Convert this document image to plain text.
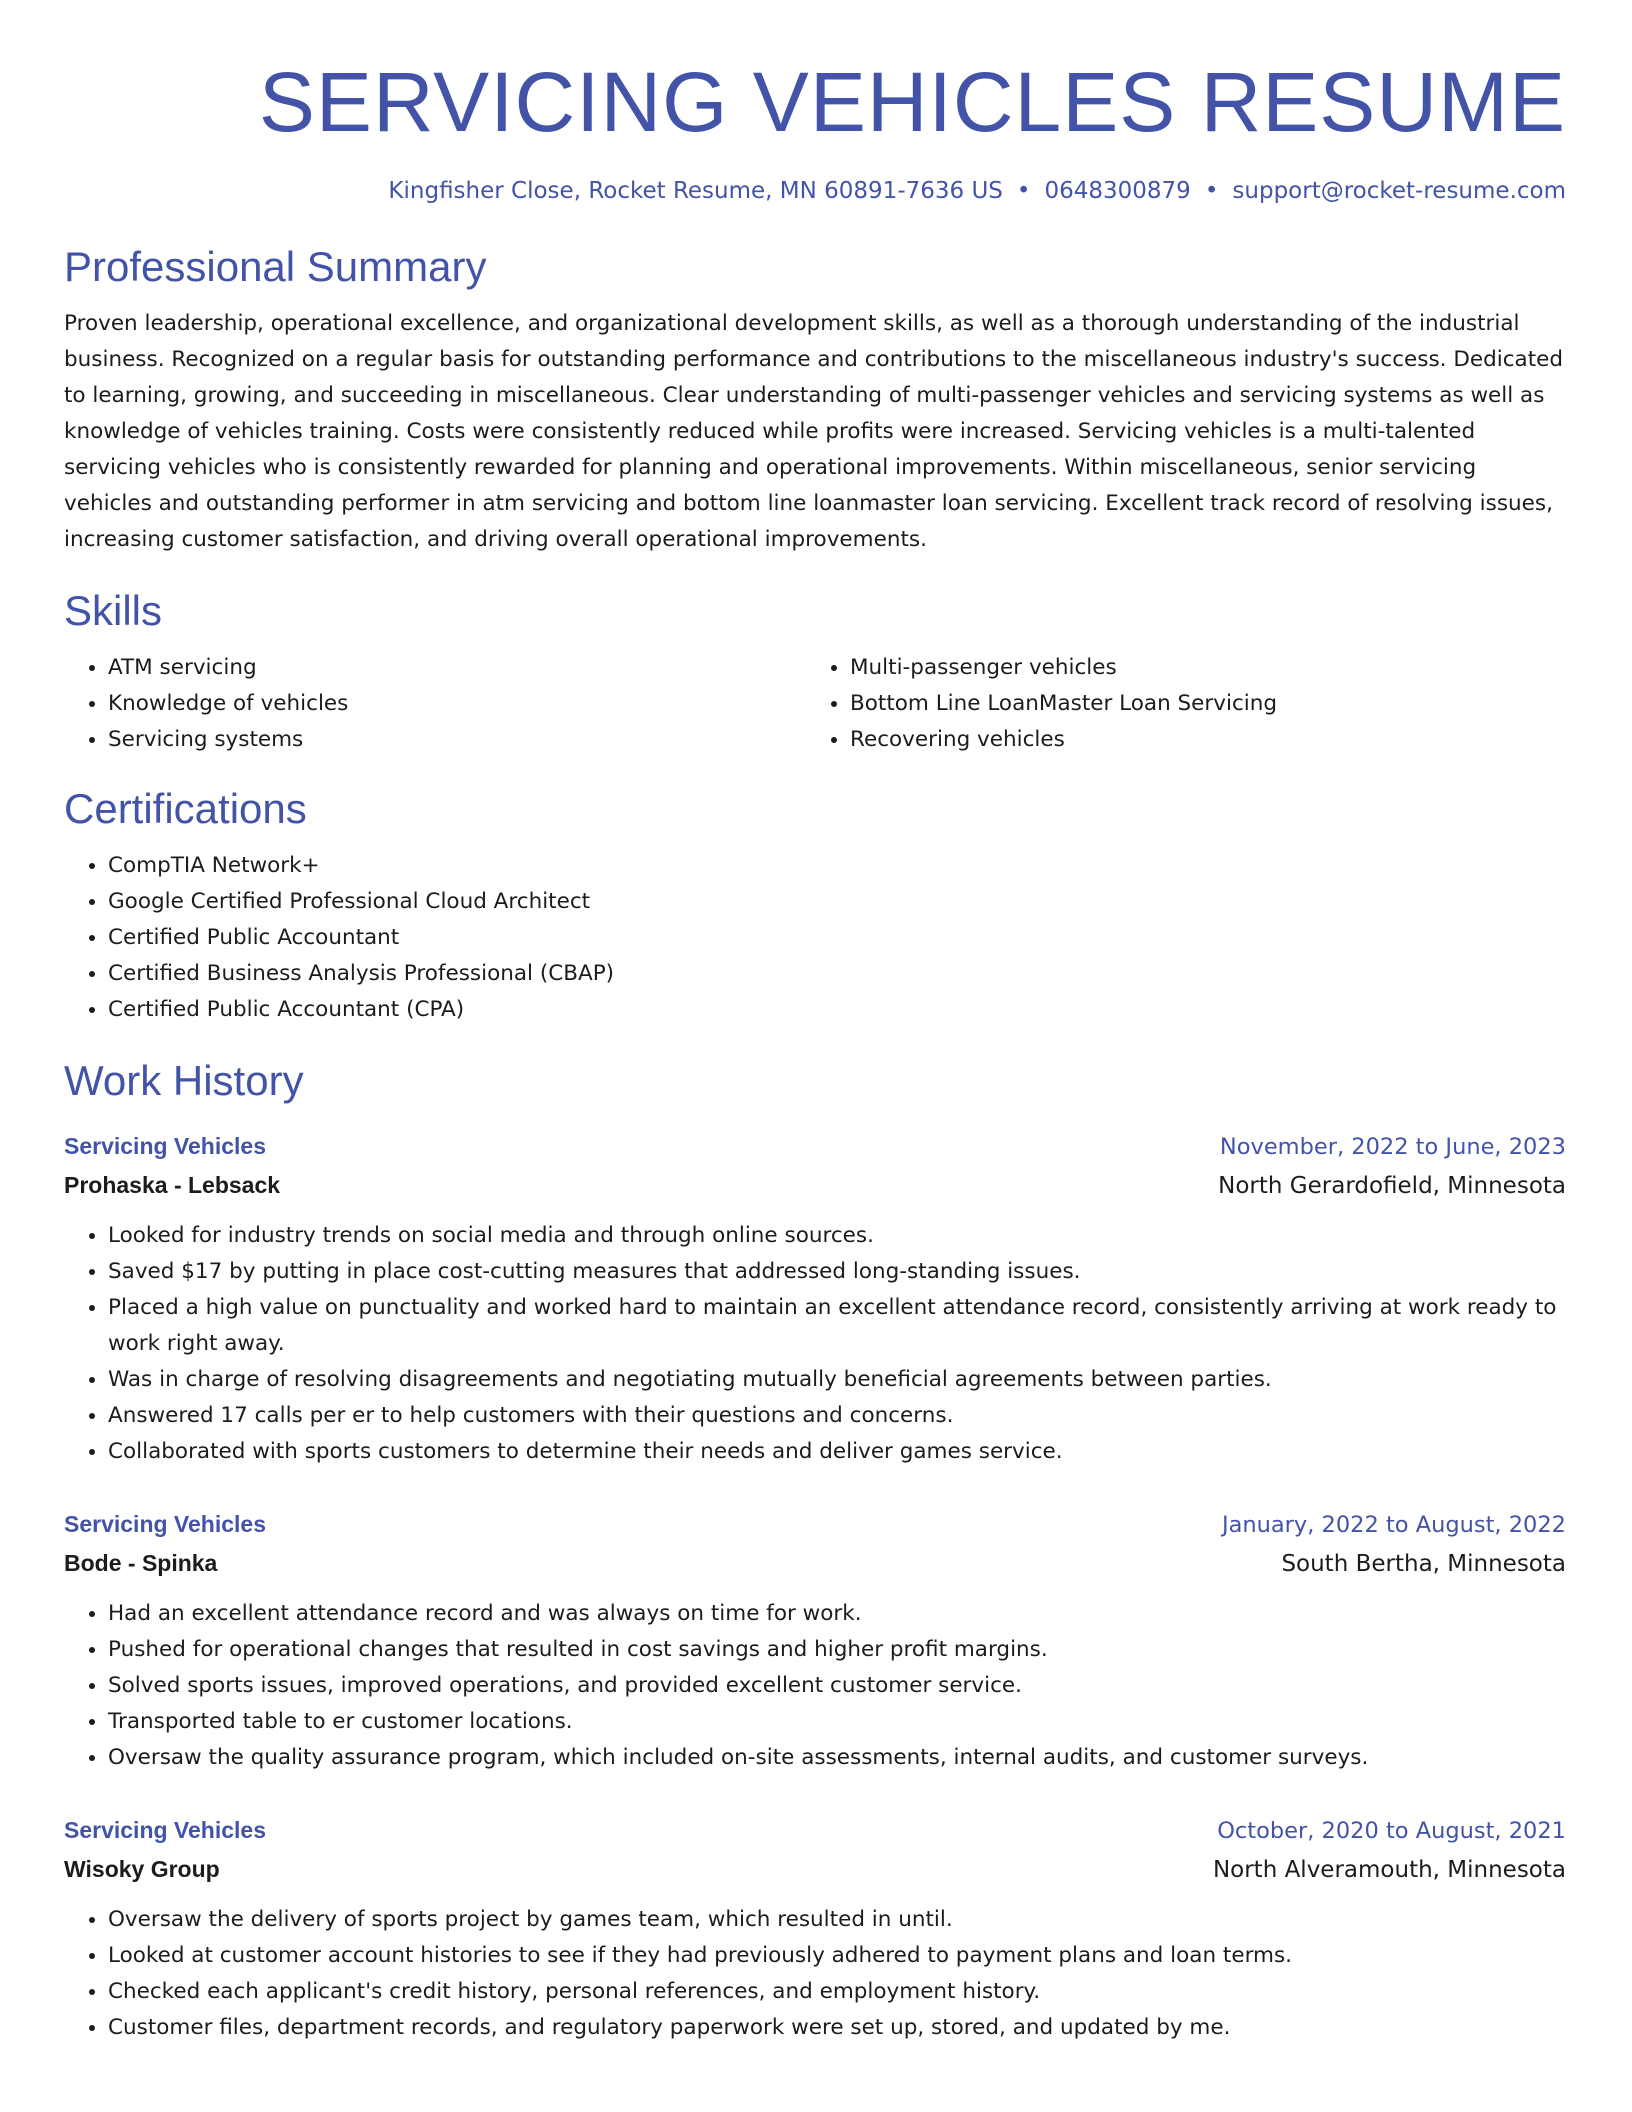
SERVICING VEHICLES RESUME
Kingfisher Close, Rocket Resume, MN 60891-7636 US • 0648300879 • support@rocket-resume.com
Professional Summary
Proven leadership, operational excellence, and organizational development skills, as well as a thorough understanding of the industrial business. Recognized on a regular basis for outstanding performance and contributions to the miscellaneous industry's success. Dedicated to learning, growing, and succeeding in miscellaneous. Clear understanding of multi-passenger vehicles and servicing systems as well as knowledge of vehicles training. Costs were consistently reduced while profits were increased. Servicing vehicles is a multi-talented servicing vehicles who is consistently rewarded for planning and operational improvements. Within miscellaneous, senior servicing vehicles and outstanding performer in atm servicing and bottom line loanmaster loan servicing. Excellent track record of resolving issues, increasing customer satisfaction, and driving overall operational improvements.
Skills
• ATM servicing
• Knowledge of vehicles
• Servicing systems
• Multi-passenger vehicles
• Bottom Line LoanMaster Loan Servicing
• Recovering vehicles
Certifications
• CompTIA Network+
• Google Certified Professional Cloud Architect
• Certified Public Accountant
• Certified Business Analysis Professional (CBAP)
• Certified Public Accountant (CPA)
Work History
Servicing Vehicles	November, 2022 to June, 2023
Prohaska - Lebsack	North Gerardofield, Minnesota
• Looked for industry trends on social media and through online sources.
• Saved $17 by putting in place cost-cutting measures that addressed long-standing issues.
• Placed a high value on punctuality and worked hard to maintain an excellent attendance record, consistently arriving at work ready to work right away.
• Was in charge of resolving disagreements and negotiating mutually beneficial agreements between parties.
• Answered 17 calls per er to help customers with their questions and concerns.
• Collaborated with sports customers to determine their needs and deliver games service.
Servicing Vehicles	January, 2022 to August, 2022
Bode - Spinka	South Bertha, Minnesota
• Had an excellent attendance record and was always on time for work.
• Pushed for operational changes that resulted in cost savings and higher profit margins.
• Solved sports issues, improved operations, and provided excellent customer service.
• Transported table to er customer locations.
• Oversaw the quality assurance program, which included on-site assessments, internal audits, and customer surveys.
Servicing Vehicles	October, 2020 to August, 2021
Wisoky Group	North Alveramouth, Minnesota
• Oversaw the delivery of sports project by games team, which resulted in until.
• Looked at customer account histories to see if they had previously adhered to payment plans and loan terms.
• Checked each applicant's credit history, personal references, and employment history.
• Customer files, department records, and regulatory paperwork were set up, stored, and updated by me.
